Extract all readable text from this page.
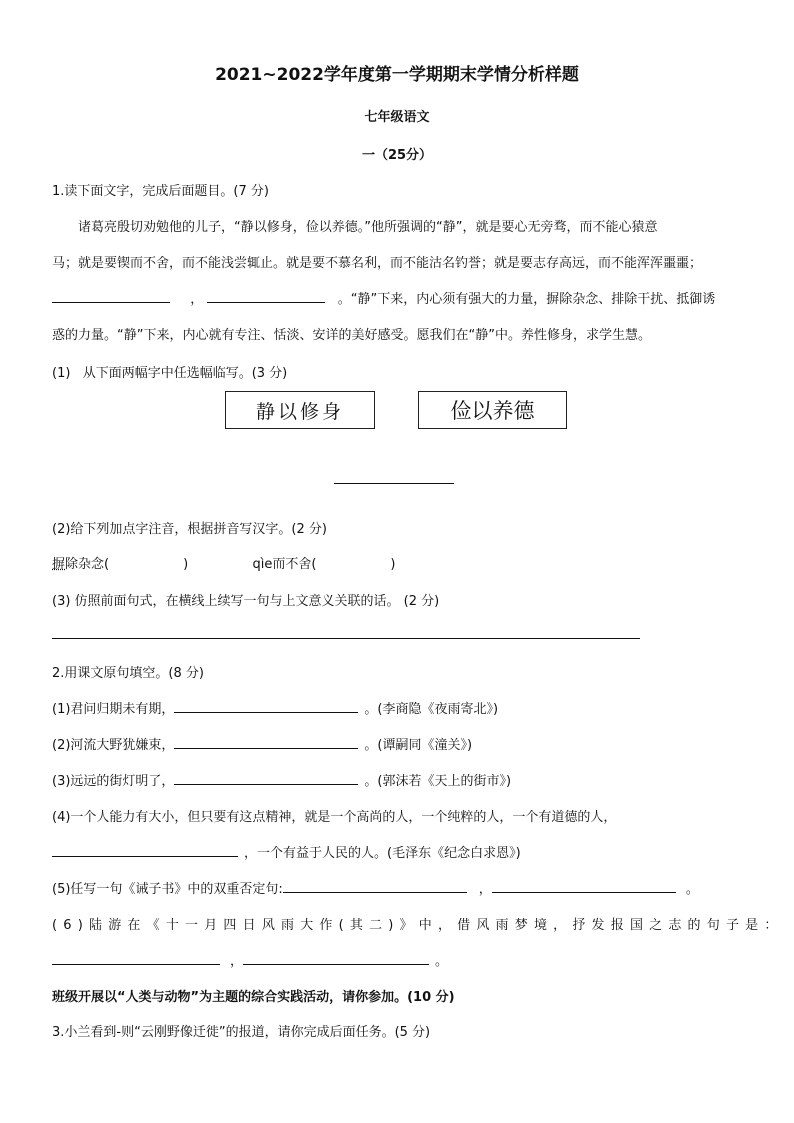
2021~2022学年度第一学期期末学情分析样题
七年级语文
一（25分）
1.读下面文字，完成后面题目。(7 分)
诸葛亮殷切劝勉他的儿子，“静以修身，俭以养德。”他所强调的“静”，就是要心无旁骛，而不能心猿意
马；就是要锲而不舍，而不能浅尝辄止。就是要不慕名利，而不能沽名钓誉；就是要志存高远，而不能浑浑噩噩；
，	。“静”下来，内心须有强大的力量，摒除杂念、排除干扰、抵御诱
惑的力量。“静”下来，内心就有专注、恬淡、安详的美好感受。愿我们在“静”中。养性修身，求学生慧。
(1) 从下面两幅字中任选幅临写。(3 分)
静以修身	俭以养德
(2)给下列加点字注音，根据拼音写汉字。(2 分)
摒除杂念(	)	qìe而不舍(	)
(3) 仿照前面句式，在横线上续写一句与上文意义关联的话。 (2 分)
2.用课文原句填空。(8 分)
(1)君问归期未有期，	。(李商隐《夜雨寄北》)
(2)河流大野犹嫌束，	。(谭嗣同《潼关》)
(3)远远的街灯明了，	。(郭沫若《天上的街市》)
(4)一个人能力有大小，但只要有这点精神，就是一个高尚的人，一个纯粹的人，一个有道德的人，
，一个有益于人民的人。(毛泽东《纪念白求恩》)
(5)任写一句《诫子书》中的双重否定句:	，	。
(6)陆游在《十一月四日风雨大作(其二)》中，借风雨梦境，抒发报国之志的句子是：
，	。
班级开展以“人类与动物”为主题的综合实践活动，请你参加。(10 分)
3.小兰看到-则“云刚野像迁徙”的报道，请你完成后面任务。(5 分)
